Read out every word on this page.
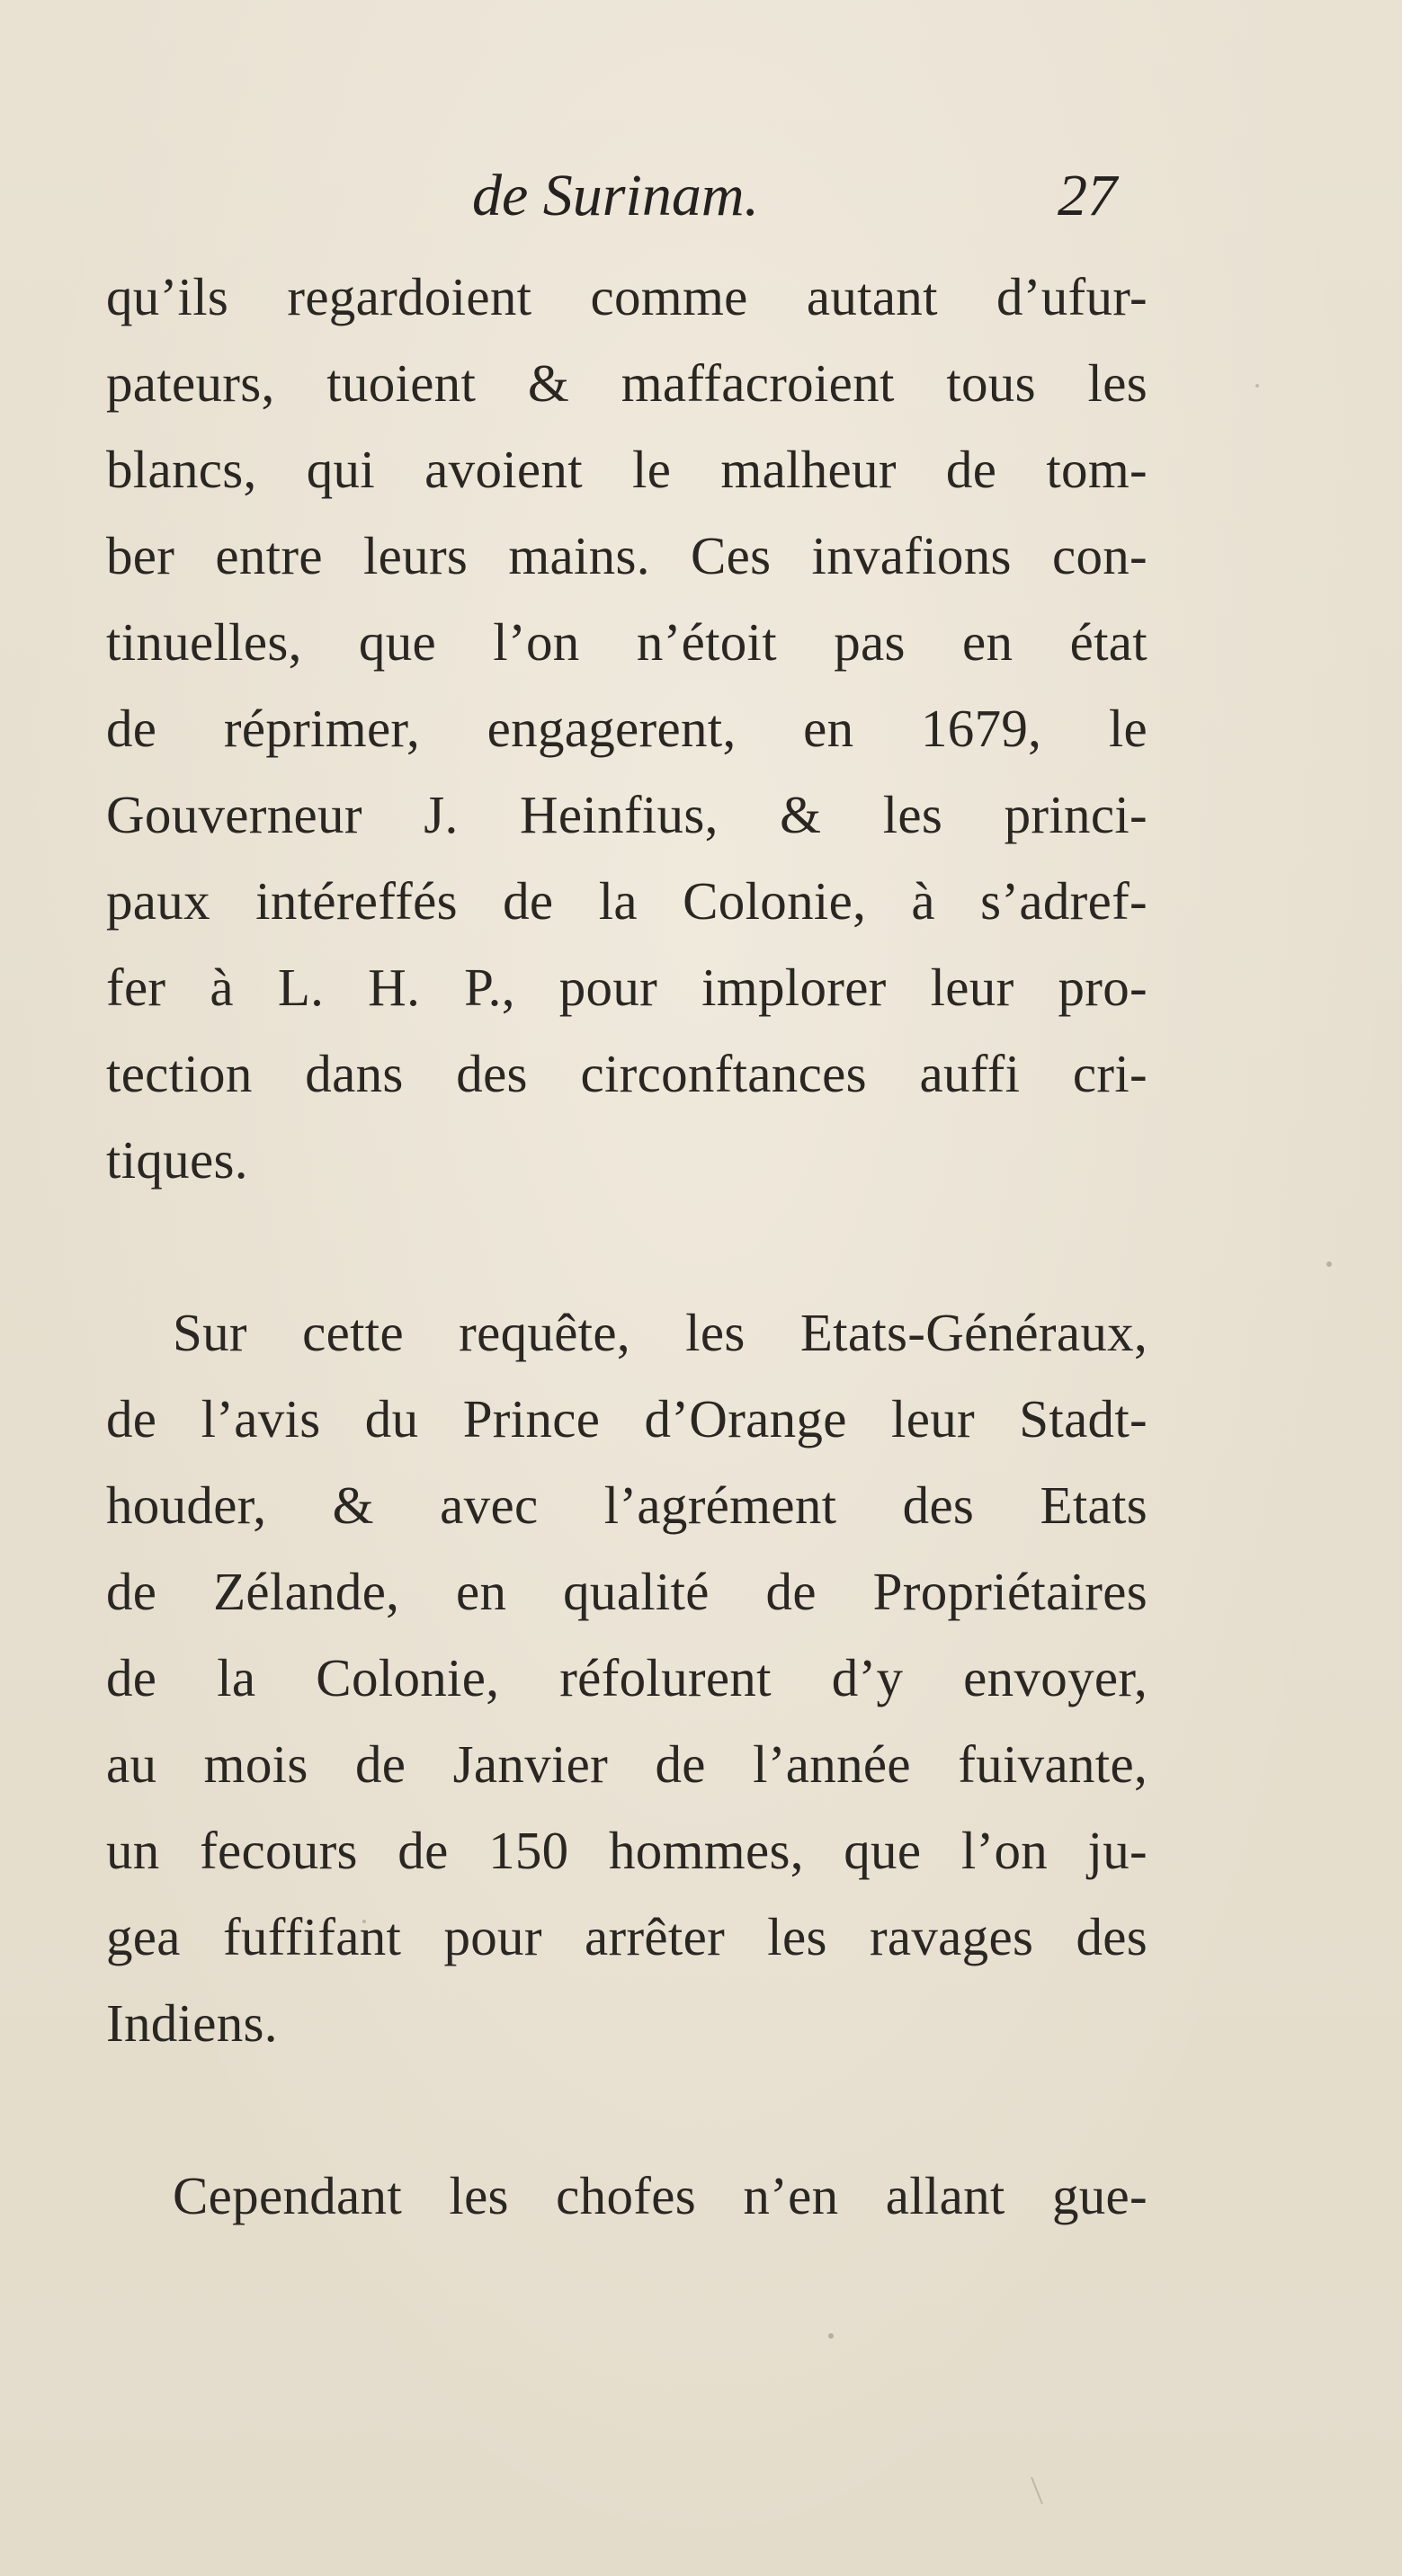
de Surinam.	27
qu’ils regardoient comme autant d’ufur-
pateurs, tuoient & maffacroient tous les
blancs, qui avoient le malheur de tom-
ber entre leurs mains. Ces invafions con-
tinuelles, que l’on n’étoit pas en état
de réprimer, engagerent, en 1679, le
Gouverneur J. Heinfius, & les princi-
paux intéreffés de la Colonie, à s’adref-
fer à L. H. P., pour implorer leur pro-
tection dans des circonftances auffi cri-
tiques.
Sur cette requête, les Etats-Généraux,
de l’avis du Prince d’Orange leur Stadt-
houder, & avec l’agrément des Etats
de Zélande, en qualité de Propriétaires
de la Colonie, réfolurent d’y envoyer,
au mois de Janvier de l’année fuivante,
un fecours de 150 hommes, que l’on ju-
gea fuffifant pour arrêter les ravages des
Indiens.
Cependant les chofes n’en allant gue-
